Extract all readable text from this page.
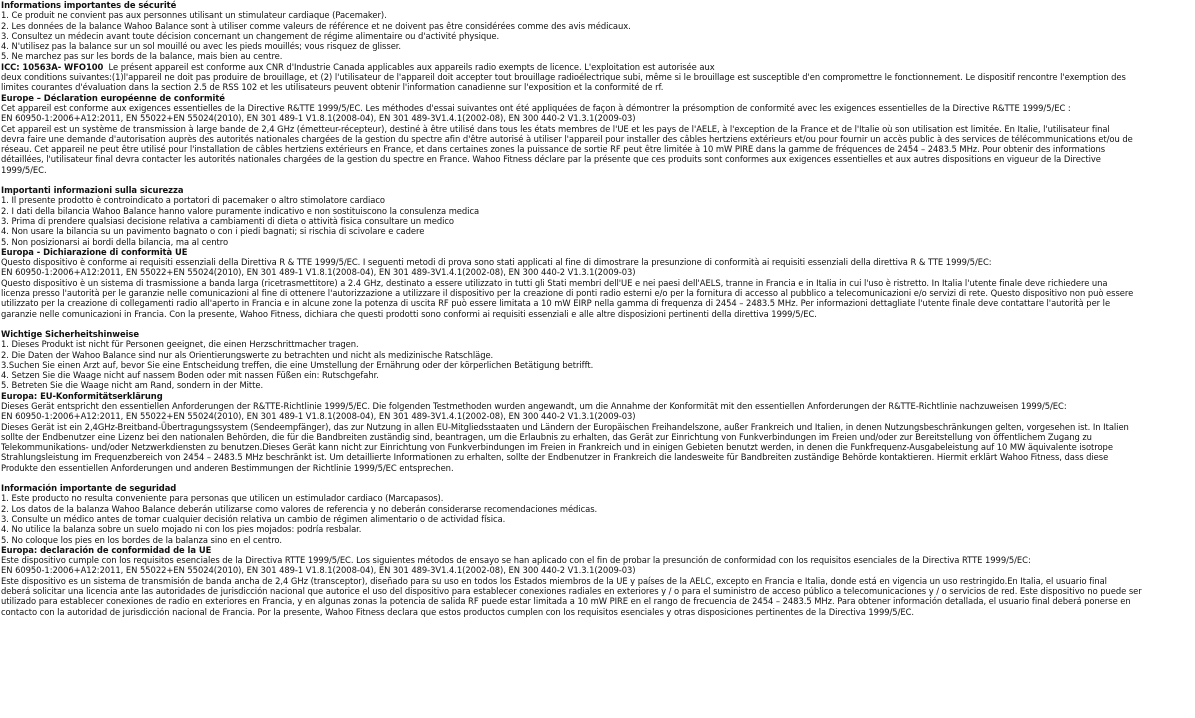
Informations importantes de sécurité
1. Ce produit ne convient pas aux personnes utilisant un stimulateur cardiaque (Pacemaker).
2. Les données de la balance Wahoo Balance sont à utiliser comme valeurs de référence et ne doivent pas être considérées comme des avis médicaux.
3. Consultez un médecin avant toute décision concernant un changement de régime alimentaire ou d'activité physique.
4. N'utilisez pas la balance sur un sol mouillé ou avec les pieds mouillés; vous risquez de glisser.
5. Ne marchez pas sur les bords de la balance, mais bien au centre.
ICC: 10563A- WFO100 Le présent appareil est conforme aux CNR d'Industrie Canada applicables aux appareils radio exempts de licence. L'exploitation est autorisée aux
deux conditions suivantes:(1)l'appareil ne doit pas produire de brouillage, et (2) l'utilisateur de l'appareil doit accepter tout brouillage radioélectrique subi, même si le brouillage est susceptible d'en compromettre le fonctionnement. Le dispositif rencontre l'exemption des
limites courantes d'évaluation dans la section 2.5 de RSS 102 et les utilisateurs peuvent obtenir l'information canadienne sur l'exposition et la conformité de rf.
Europe – Déclaration européenne de conformité
Cet appareil est conforme aux exigences essentielles de la Directive R&TTE 1999/5/EC. Les méthodes d'essai suivantes ont été appliquées de façon à démontrer la présomption de conformité avec les exigences essentielles de la Directive R&TTE 1999/5/EC :
EN 60950-1:2006+A12:2011, EN 55022+EN 55024(2010), EN 301 489-1 V1.8.1(2008-04), EN 301 489-3V1.4.1(2002-08), EN 300 440-2 V1.3.1(2009-03)
Cet appareil est un système de transmission à large bande de 2,4 GHz (émetteur-récepteur), destiné à être utilisé dans tous les états membres de l'UE et les pays de l'AELE, à l'exception de la France et de l'Italie où son utilisation est limitée. En Italie, l'utilisateur final
devra faire une demande d'autorisation auprès des autorités nationales chargées de la gestion du spectre afin d'être autorisé à utiliser l'appareil pour installer des câbles hertziens extérieurs et/ou pour fournir un accès public à des services de télécommunications et/ou de
réseau. Cet appareil ne peut être utilisé pour l'installation de câbles hertziens extérieurs en France, et dans certaines zones la puissance de sortie RF peut être limitée à 10 mW PIRE dans la gamme de fréquences de 2454 – 2483.5 MHz. Pour obtenir des informations
détaillées, l'utilisateur final devra contacter les autorités nationales chargées de la gestion du spectre en France. Wahoo Fitness déclare par la présente que ces produits sont conformes aux exigences essentielles et aux autres dispositions en vigueur de la Directive
1999/5/EC.
Importanti informazioni sulla sicurezza
1. Il presente prodotto è controindicato a portatori di pacemaker o altro stimolatore cardiaco
2. I dati della bilancia Wahoo Balance hanno valore puramente indicativo e non sostituiscono la consulenza medica
3. Prima di prendere qualsiasi decisione relativa a cambiamenti di dieta o attività fisica consultare un medico
4. Non usare la bilancia su un pavimento bagnato o con i piedi bagnati; si rischia di scivolare e cadere
5. Non posizionarsi ai bordi della bilancia, ma al centro
Europa - Dichiarazione di conformità UE
Questo dispositivo è conforme ai requisiti essenziali della Direttiva R & TTE 1999/5/EC. I seguenti metodi di prova sono stati applicati al fine di dimostrare la presunzione di conformità ai requisiti essenziali della direttiva R & TTE 1999/5/EC:
EN 60950-1:2006+A12:2011, EN 55022+EN 55024(2010), EN 301 489-1 V1.8.1(2008-04), EN 301 489-3V1.4.1(2002-08), EN 300 440-2 V1.3.1(2009-03)
Questo dispositivo è un sistema di trasmissione a banda larga (ricetrasmettitore) a 2.4 GHz, destinato a essere utilizzato in tutti gli Stati membri dell'UE e nei paesi dell'AELS, tranne in Francia e in Italia in cui l'uso è ristretto. In Italia l'utente finale deve richiedere una
licenza presso l'autorità per le garanzie nelle comunicazioni al fine di ottenere l'autorizzazione a utilizzare il dispositivo per la creazione di ponti radio esterni e/o per la fornitura di accesso al pubblico a telecomunicazioni e/o servizi di rete. Questo dispositivo non può essere
utilizzato per la creazione di collegamenti radio all'aperto in Francia e in alcune zone la potenza di uscita RF può essere limitata a 10 mW EIRP nella gamma di frequenza di 2454 – 2483.5 MHz. Per informazioni dettagliate l'utente finale deve contattare l'autorità per le
garanzie nelle comunicazioni in Francia. Con la presente, Wahoo Fitness, dichiara che questi prodotti sono conformi ai requisiti essenziali e alle altre disposizioni pertinenti della direttiva 1999/5/EC.
Wichtige Sicherheitshinweise
1. Dieses Produkt ist nicht für Personen geeignet, die einen Herzschrittmacher tragen.
2. Die Daten der Wahoo Balance sind nur als Orientierungswerte zu betrachten und nicht als medizinische Ratschläge.
3.Suchen Sie einen Arzt auf, bevor Sie eine Entscheidung treffen, die eine Umstellung der Ernährung oder der körperlichen Betätigung betrifft.
4. Setzen Sie die Waage nicht auf nassem Boden oder mit nassen Füßen ein: Rutschgefahr.
5. Betreten Sie die Waage nicht am Rand, sondern in der Mitte.
Europa: EU-Konformitätserklärung
Dieses Gerät entspricht den essentiellen Anforderungen der R&TTE-Richtlinie 1999/5/EC. Die folgenden Testmethoden wurden angewandt, um die Annahme der Konformität mit den essentiellen Anforderungen der R&TTE-Richtlinie nachzuweisen 1999/5/EC:
EN 60950-1:2006+A12:2011, EN 55022+EN 55024(2010), EN 301 489-1 V1.8.1(2008-04), EN 301 489-3V1.4.1(2002-08), EN 300 440-2 V1.3.1(2009-03)
Dieses Gerät ist ein 2,4GHz-Breitband-Übertragungssystem (Sendeempfänger), das zur Nutzung in allen EU-Mitgliedsstaaten und Ländern der Europäischen Freihandelszone, außer Frankreich und Italien, in denen Nutzungsbeschränkungen gelten, vorgesehen ist. In Italien
sollte der Endbenutzer eine Lizenz bei den nationalen Behörden, die für die Bandbreiten zuständig sind, beantragen, um die Erlaubnis zu erhalten, das Gerät zur Einrichtung von Funkverbindungen im Freien und/oder zur Bereitstellung von öffentlichem Zugang zu
Telekommunikations- und/oder Netzwerkdiensten zu benutzen.Dieses Gerät kann nicht zur Einrichtung von Funkverbindungen im Freien in Frankreich und in einigen Gebieten benutzt werden, in denen die Funkfrequenz-Ausgabeleistung auf 10 MW äquivalente isotrope
Strahlungsleistung im Frequenzbereich von 2454 – 2483.5 MHz beschränkt ist. Um detaillierte Informationen zu erhalten, sollte der Endbenutzer in Frankreich die landesweite für Bandbreiten zuständige Behörde kontaktieren. Hiermit erklärt Wahoo Fitness, dass diese
Produkte den essentiellen Anforderungen und anderen Bestimmungen der Richtlinie 1999/5/EC entsprechen.
Información importante de seguridad
1. Este producto no resulta conveniente para personas que utilicen un estimulador cardiaco (Marcapasos).
2. Los datos de la balanza Wahoo Balance deberán utilizarse como valores de referencia y no deberán considerarse recomendaciones médicas.
3. Consulte un médico antes de tomar cualquier decisión relativa un cambio de régimen alimentario o de actividad física.
4. No utilice la balanza sobre un suelo mojado ni con los pies mojados: podría resbalar.
5. No coloque los pies en los bordes de la balanza sino en el centro.
Europa: declaración de conformidad de la UE
Este dispositivo cumple con los requisitos esenciales de la Directiva RTTE 1999/5/EC. Los siguientes métodos de ensayo se han aplicado con el fin de probar la presunción de conformidad con los requisitos esenciales de la Directiva RTTE 1999/5/EC:
EN 60950-1:2006+A12:2011, EN 55022+EN 55024(2010), EN 301 489-1 V1.8.1(2008-04), EN 301 489-3V1.4.1(2002-08), EN 300 440-2 V1.3.1(2009-03)
Este dispositivo es un sistema de transmisión de banda ancha de 2,4 GHz (transceptor), diseñado para su uso en todos los Estados miembros de la UE y países de la AELC, excepto en Francia e Italia, donde está en vigencia un uso restringido.En Italia, el usuario final
deberá solicitar una licencia ante las autoridades de jurisdicción nacional que autorice el uso del dispositivo para establecer conexiones radiales en exteriores y / o para el suministro de acceso público a telecomunicaciones y / o servicios de red. Este dispositivo no puede ser
utilizado para establecer conexiones de radio en exteriores en Francia, y en algunas zonas la potencia de salida RF puede estar limitada a 10 mW PIRE en el rango de frecuencia de 2454 – 2483.5 MHz. Para obtener información detallada, el usuario final deberá ponerse en
contacto con la autoridad de jurisdicción nacional de Francia. Por la presente, Wahoo Fitness declara que estos productos cumplen con los requisitos esenciales y otras disposiciones pertinentes de la Directiva 1999/5/EC.
